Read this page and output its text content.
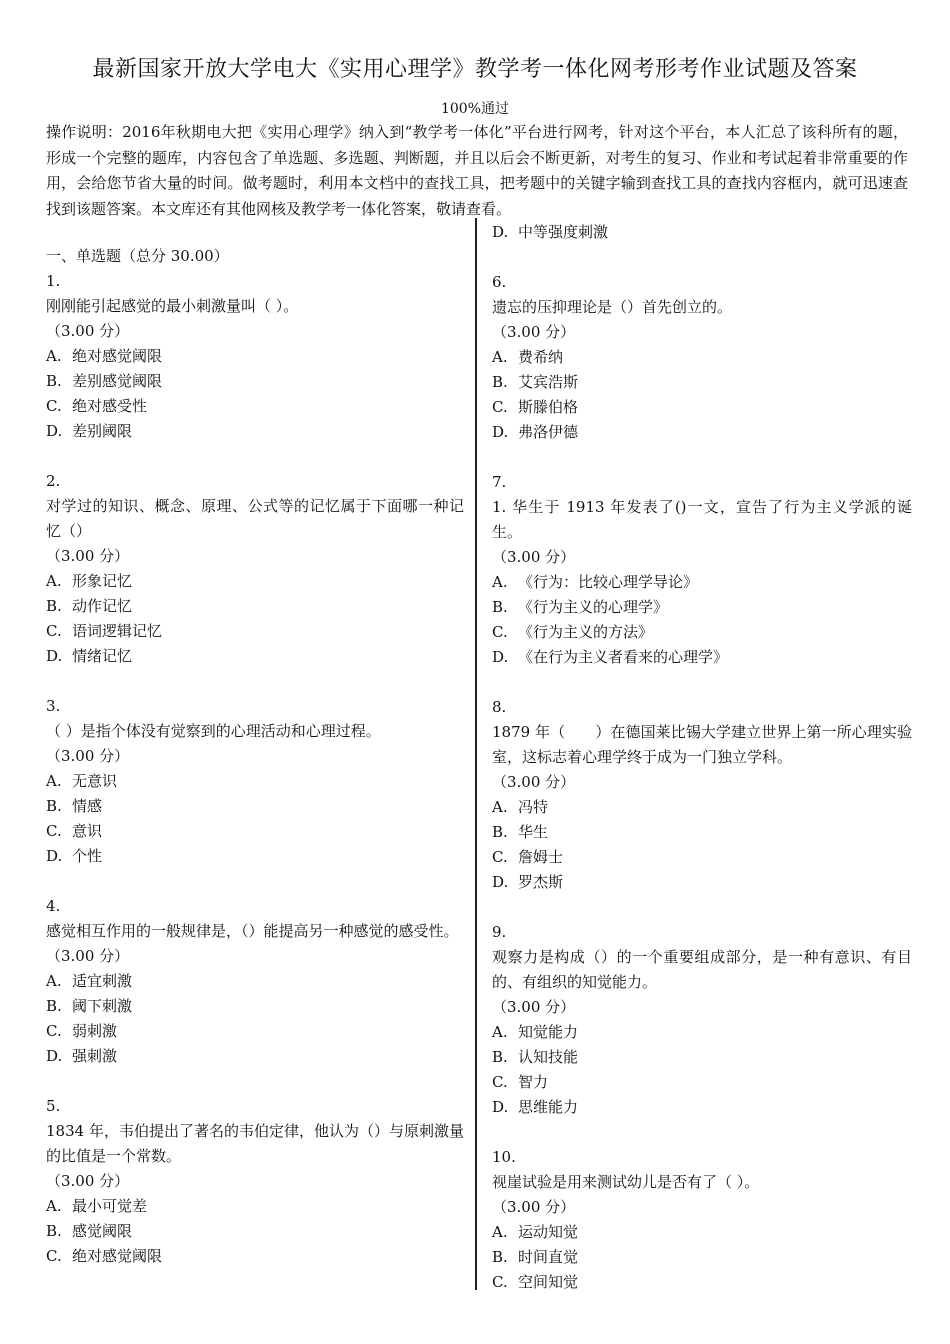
最新国家开放大学电大《实用心理学》教学考一体化网考形考作业试题及答案
100%通过
操作说明：2016年秋期电大把《实用心理学》纳入到“教学考一体化”平台进行网考，针对这个平台，本人汇总了该科所有的题，形成一个完整的题库，内容包含了单选题、多选题、判断题，并且以后会不断更新，对考生的复习、作业和考试起着非常重要的作用，会给您节省大量的时间。做考题时，利用本文档中的查找工具，把考题中的关键字输到查找工具的查找内容框内，就可迅速查找到该题答案。本文库还有其他网核及教学考一体化答案，敬请查看。
一、单选题（总分 30.00）
1.
刚刚能引起感觉的最小刺激量叫（ ）。
（3.00 分）
A. 绝对感觉阈限
B. 差别感觉阈限
C. 绝对感受性
D. 差别阈限
2.
对学过的知识、概念、原理、公式等的记忆属于下面哪一种记忆（）
（3.00 分）
A. 形象记忆
B. 动作记忆
C. 语词逻辑记忆
D. 情绪记忆
3.
（ ）是指个体没有觉察到的心理活动和心理过程。
（3.00 分）
A. 无意识
B. 情感
C. 意识
D. 个性
4.
感觉相互作用的一般规律是，（）能提高另一种感觉的感受性。
（3.00 分）
A. 适宜刺激
B. 阈下刺激
C. 弱刺激
D. 强刺激
5.
1834 年，韦伯提出了著名的韦伯定律，他认为（）与原刺激量的比值是一个常数。
（3.00 分）
A. 最小可觉差
B. 感觉阈限
C. 绝对感觉阈限
D. 中等强度刺激
6.
遗忘的压抑理论是（）首先创立的。
（3.00 分）
A. 费希纳
B. 艾宾浩斯
C. 斯滕伯格
D. 弗洛伊德
7.
1. 华生于 1913 年发表了()一文，宣告了行为主义学派的诞生。
（3.00 分）
A. 《行为：比较心理学导论》
B. 《行为主义的心理学》
C. 《行为主义的方法》
D. 《在行为主义者看来的心理学》
8.
1879 年（　　）在德国莱比锡大学建立世界上第一所心理实验室，这标志着心理学终于成为一门独立学科。
（3.00 分）
A. 冯特
B. 华生
C. 詹姆士
D. 罗杰斯
9.
观察力是构成（）的一个重要组成部分，是一种有意识、有目的、有组织的知觉能力。
（3.00 分）
A. 知觉能力
B. 认知技能
C. 智力
D. 思维能力
10.
视崖试验是用来测试幼儿是否有了（ ）。
（3.00 分）
A. 运动知觉
B. 时间直觉
C. 空间知觉
